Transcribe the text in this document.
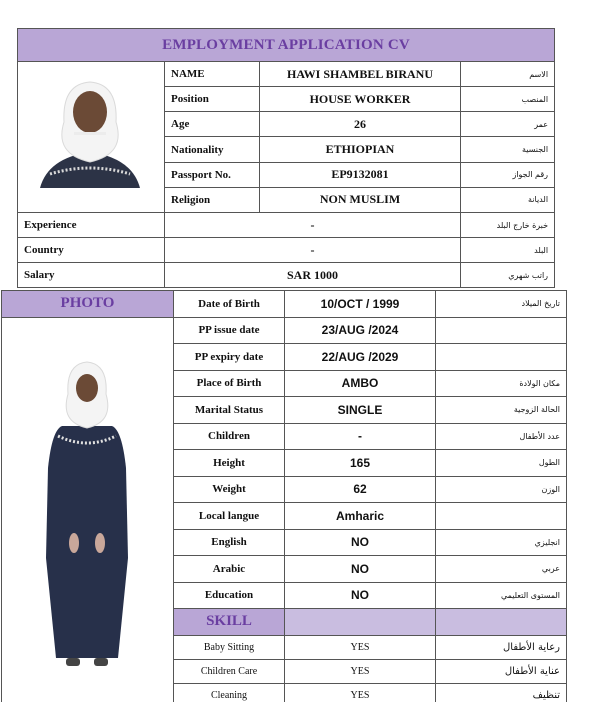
EMPLOYMENT APPLICATION CV			

	NAME	HAWI SHAMBEL BIRANU	الاسم
	Position	HOUSE WORKER	المنصب
	Age	26	عمر
	Nationality	ETHIOPIAN	الجنسية
	Passport No.	EP9132081	رقم الجواز
	Religion	NON MUSLIM	الديانة
Experience	-		خبرة خارج البلد
Country	-		البلد
Salary	SAR 1000		راتب شهري
PHOTO	Date of Birth	10/OCT / 1999	تاريخ الميلاد

	PP issue date	23/AUG /2024	
	PP expiry date	22/AUG /2029	
	Place of Birth	AMBO	مكان الولادة
	Marital Status	SINGLE	الحالة الزوجية
	Children	-	عدد الأطفال
	Height	165	الطول
	Weight	62	الوزن
	Local langue	Amharic	
	English	NO	انجليزي
	Arabic	NO	عربي
	Education	NO	المستوى التعليمي
	SKILL		
	Baby Sitting	YES	رعاية الأطفال
	Children Care	YES	عناية الأطفال
	Cleaning	YES	تنظيف
